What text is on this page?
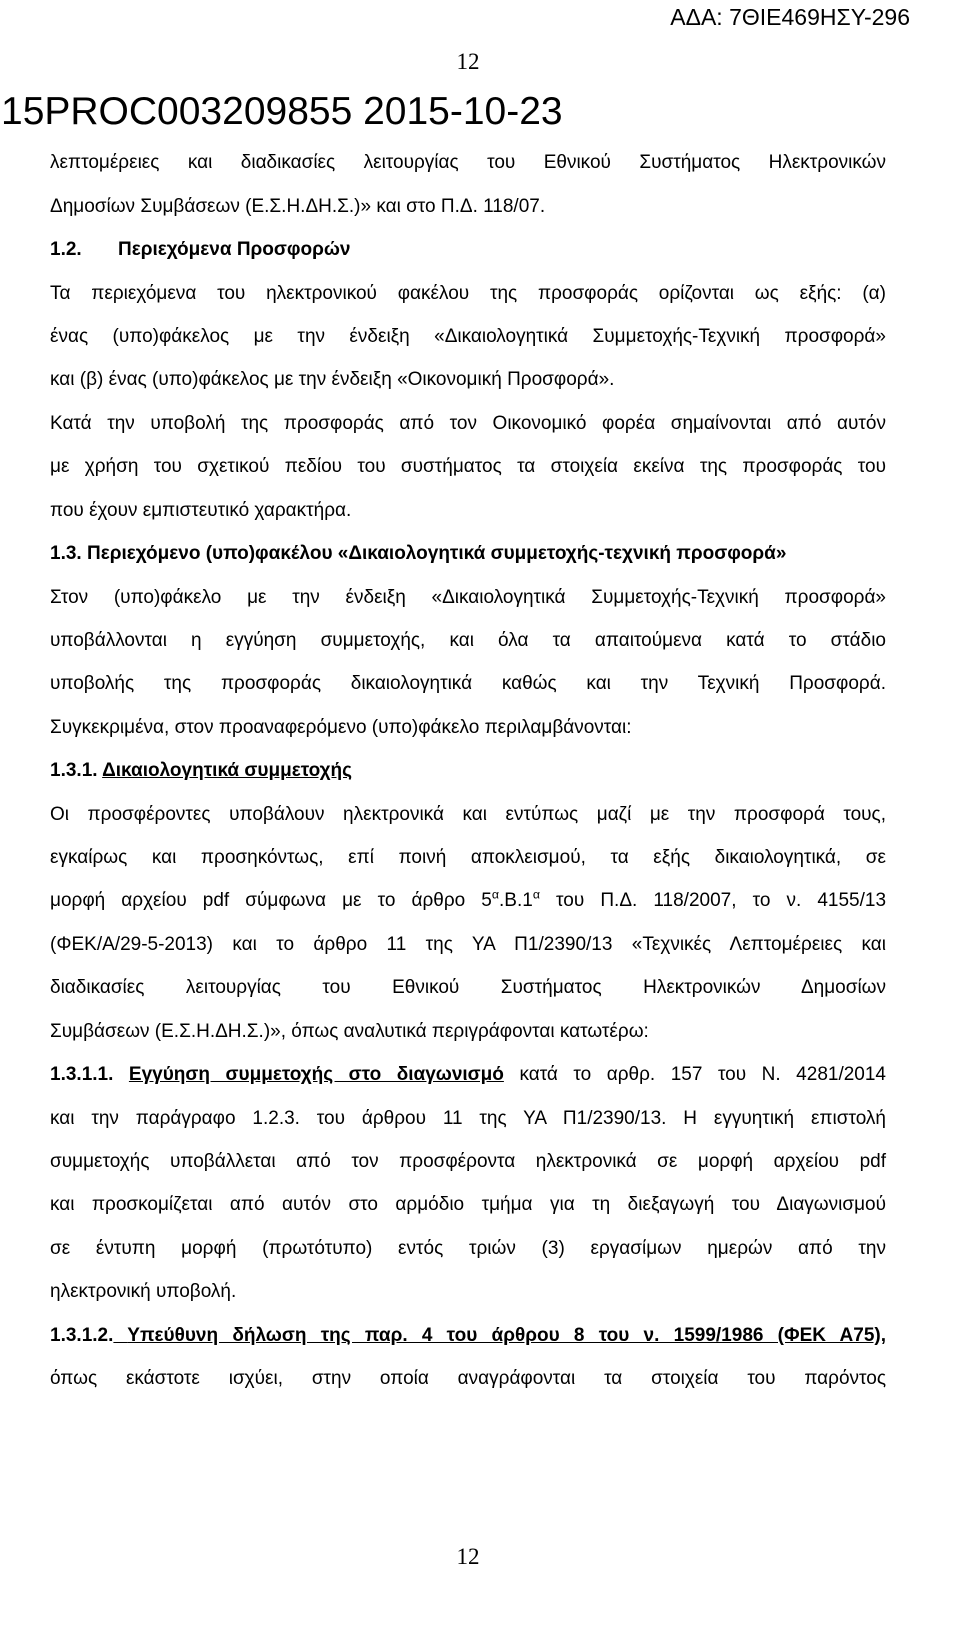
ΑΔΑ: 7ΘΙΕ469ΗΣΥ-296
12
15PROC003209855 2015-10-23
λεπτομέρειες και διαδικασίες λειτουργίας του Εθνικού Συστήματος Ηλεκτρονικών
Δημοσίων Συμβάσεων (Ε.Σ.Η.ΔΗ.Σ.)» και στο Π.Δ. 118/07.
1.2. Περιεχόμενα Προσφορών
Τα περιεχόμενα του ηλεκτρονικού φακέλου της προσφοράς ορίζονται ως εξής: (α)
ένας (υπο)φάκελος με την ένδειξη «Δικαιολογητικά Συμμετοχής-Τεχνική προσφορά»
και (β) ένας (υπο)φάκελος με την ένδειξη «Οικονομική Προσφορά».
Κατά την υποβολή της προσφοράς από τον Οικονομικό φορέα σημαίνονται από αυτόν
με χρήση του σχετικού πεδίου του συστήματος τα στοιχεία εκείνα της προσφοράς του
που έχουν εμπιστευτικό χαρακτήρα.
1.3. Περιεχόμενο (υπο)φακέλου «Δικαιολογητικά συμμετοχής-τεχνική προσφορά»
Στον (υπο)φάκελο με την ένδειξη «Δικαιολογητικά Συμμετοχής-Τεχνική προσφορά»
υποβάλλονται η εγγύηση συμμετοχής, και όλα τα απαιτούμενα κατά το στάδιο
υποβολής της προσφοράς δικαιολογητικά καθώς και την Τεχνική Προσφορά.
Συγκεκριμένα, στον προαναφερόμενο (υπο)φάκελο περιλαμβάνονται:
1.3.1. Δικαιολογητικά συμμετοχής
Οι προσφέροντες υποβάλουν ηλεκτρονικά και εντύπως μαζί με την προσφορά τους,
εγκαίρως και προσηκόντως, επί ποινή αποκλεισμού, τα εξής δικαιολογητικά, σε
μορφή αρχείου pdf σύμφωνα με το άρθρο $5^\alpha.B.1^\alpha$ του Π.Δ. 118/2007, το ν. 4155/13
(ΦΕΚ/Α/29-5-2013) και το άρθρο 11 της ΥΑ Π1/2390/13 «Τεχνικές Λεπτομέρειες και
διαδικασίες λειτουργίας του Εθνικού Συστήματος Ηλεκτρονικών Δημοσίων
Συμβάσεων (Ε.Σ.Η.ΔΗ.Σ.)», όπως αναλυτικά περιγράφονται κατωτέρω:
1.3.1.1. Εγγύηση συμμετοχής στο διαγωνισμό κατά το αρθρ. 157 του Ν. 4281/2014
και την παράγραφο 1.2.3. του άρθρου 11 της ΥΑ Π1/2390/13. Η εγγυητική επιστολή
συμμετοχής υποβάλλεται από τον προσφέροντα ηλεκτρονικά σε μορφή αρχείου pdf
και προσκομίζεται από αυτόν στο αρμόδιο τμήμα για τη διεξαγωγή του Διαγωνισμού
σε έντυπη μορφή (πρωτότυπο) εντός τριών (3) εργασίμων ημερών από την
ηλεκτρονική υποβολή.
1.3.1.2. Υπεύθυνη δήλωση της παρ. 4 του άρθρου 8 του ν. 1599/1986 (ΦΕΚ Α75),
όπως εκάστοτε ισχύει, στην οποία αναγράφονται τα στοιχεία του παρόντος
12
